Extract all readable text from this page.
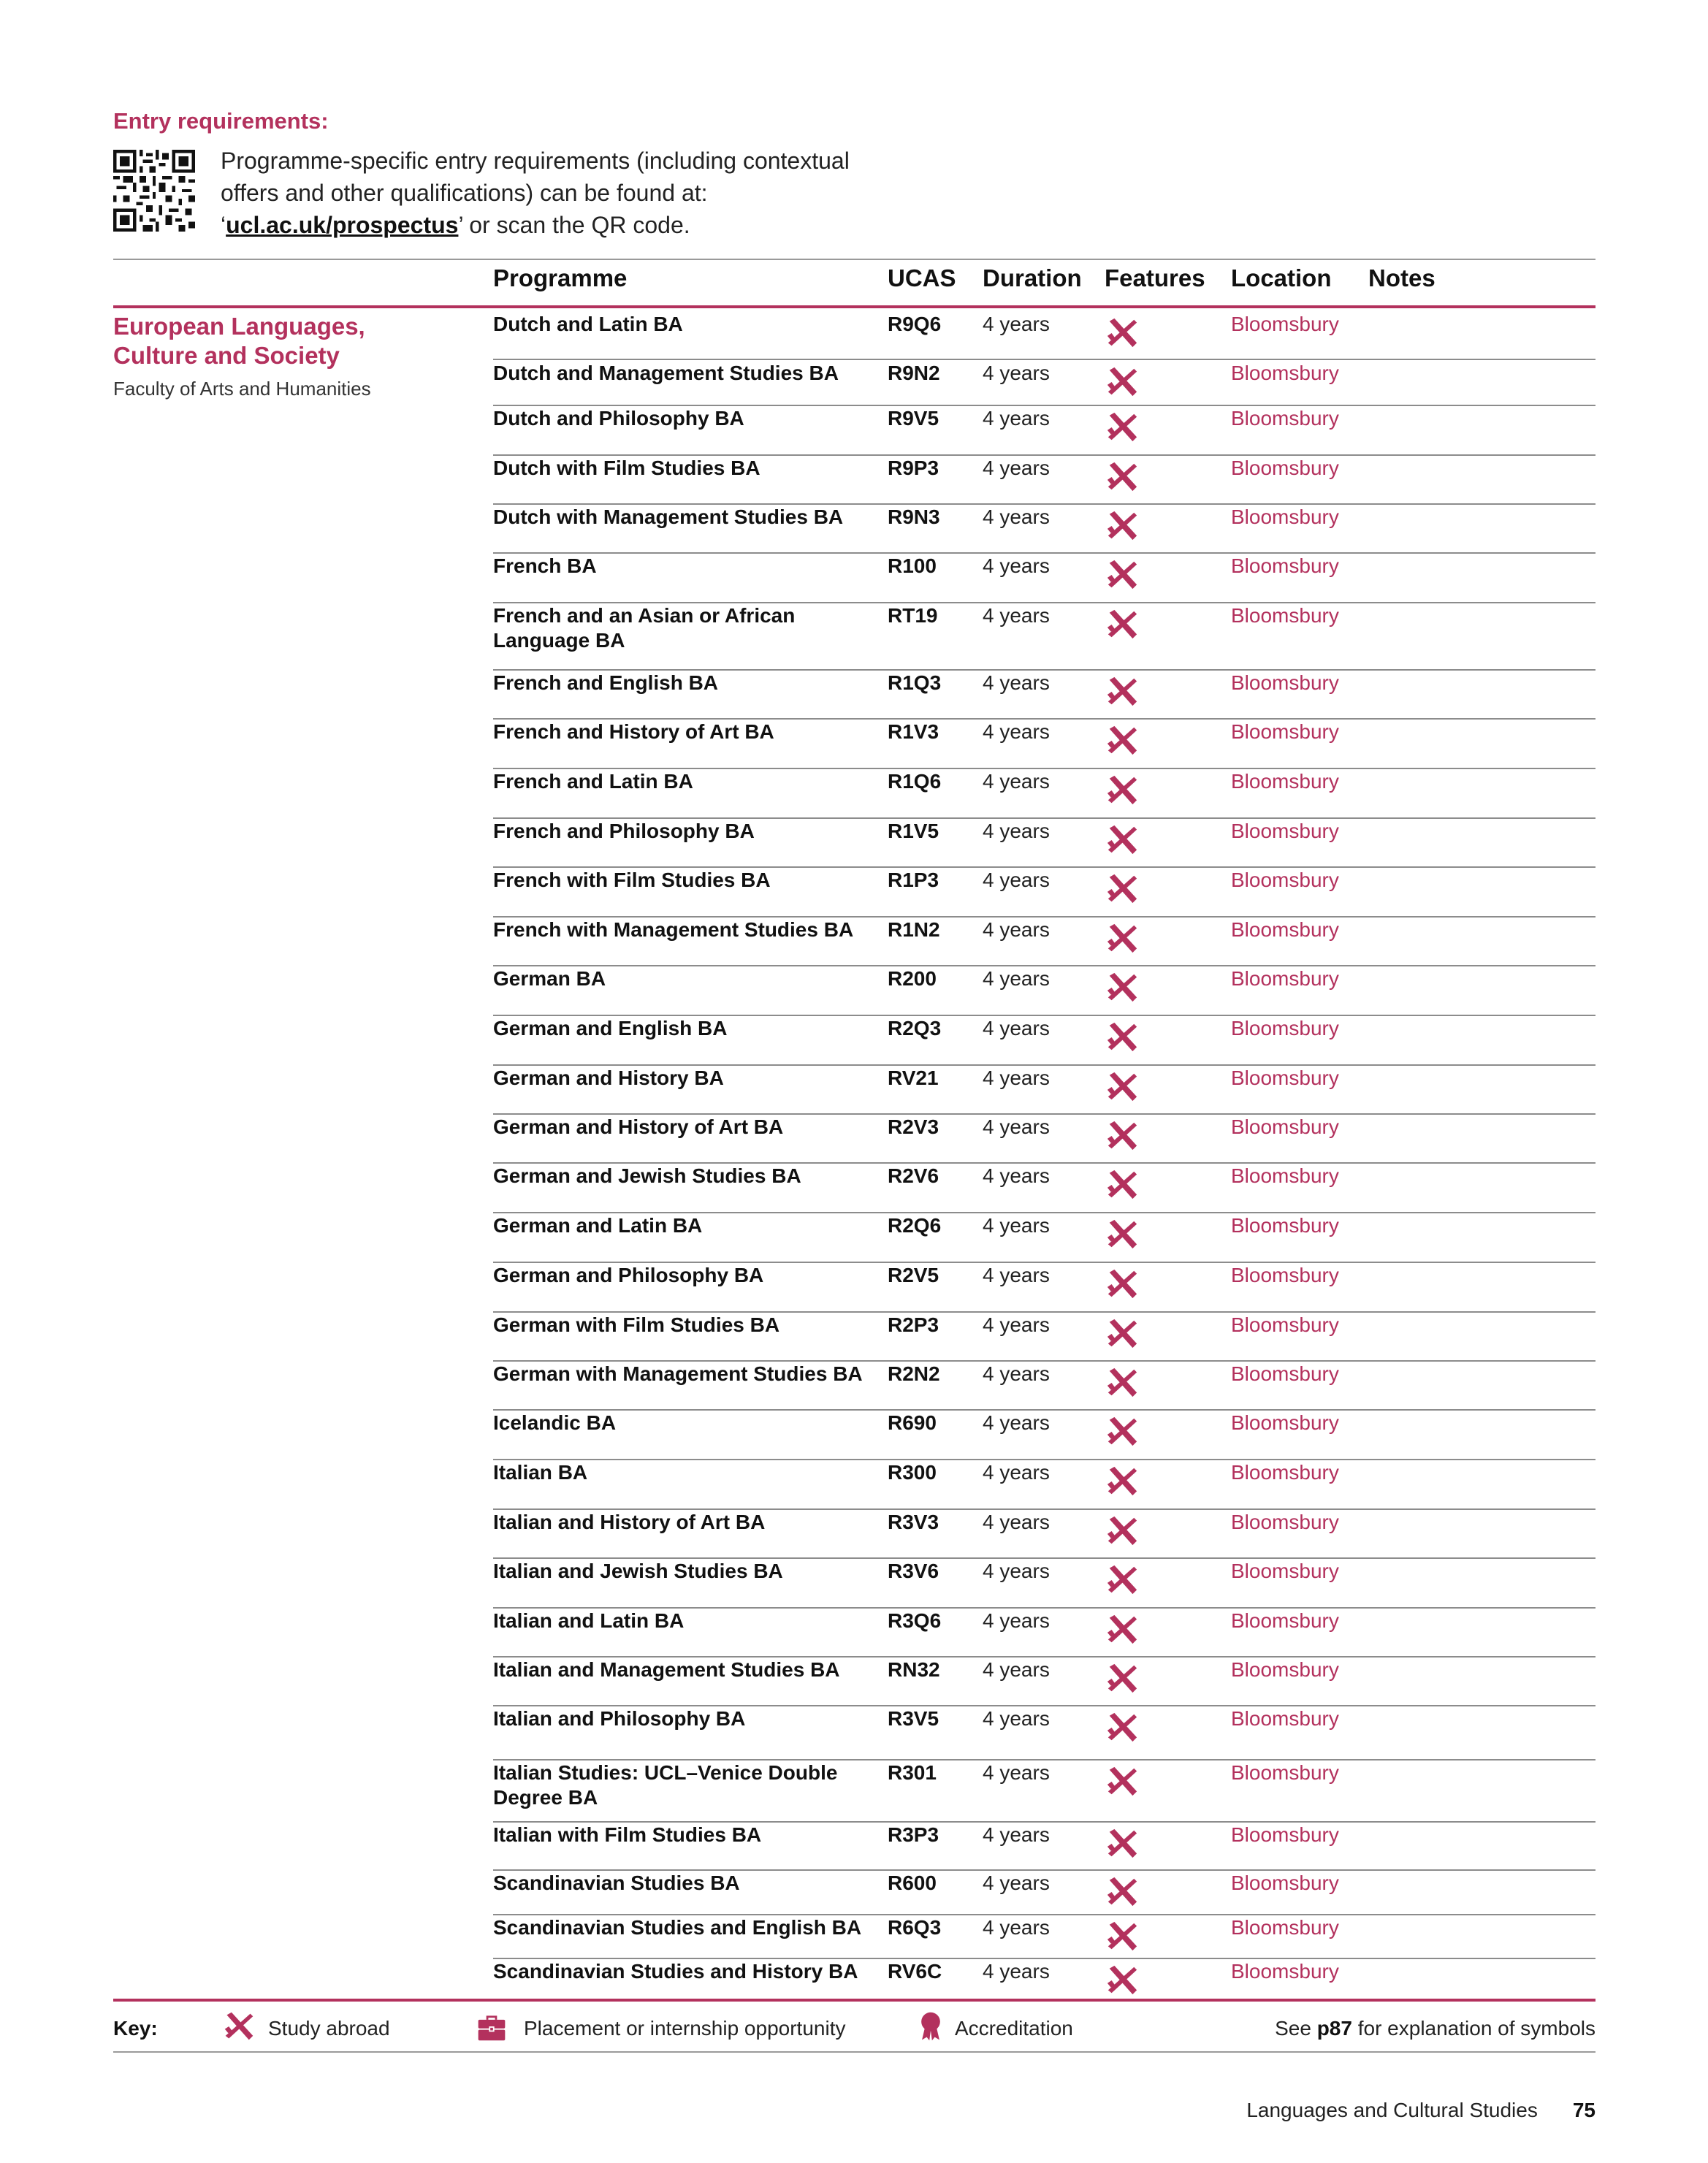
Entry requirements:
Programme-specific entry requirements (including contextual offers and other qualifications) can be found at: ‘ucl.ac.uk/prospectus’ or scan the QR code.
Programme	UCAS Duration Features Location Notes
European Languages, Culture and Society
Faculty of Arts and Humanities
Dutch and Latin BA	R9Q6 4 years	Bloomsbury
Dutch and Management Studies BA	R9N2 4 years	Bloomsbury
Dutch and Philosophy BA	R9V5 4 years	Bloomsbury
Dutch with Film Studies BA	R9P3 4 years	Bloomsbury
Dutch with Management Studies BA	R9N3 4 years	Bloomsbury
French BA	R100 4 years	Bloomsbury
French and an Asian or African Language BA
RT19 4 years	Bloomsbury
French and English BA	R1Q3 4 years	Bloomsbury
French and History of Art BA	R1V3 4 years	Bloomsbury
French and Latin BA	R1Q6 4 years	Bloomsbury
French and Philosophy BA	R1V5 4 years	Bloomsbury
French with Film Studies BA	R1P3 4 years	Bloomsbury
French with Management Studies BA	R1N2 4 years	Bloomsbury
German BA	R200 4 years	Bloomsbury
German and English BA	R2Q3 4 years	Bloomsbury
German and History BA	RV21 4 years	Bloomsbury
German and History of Art BA	R2V3 4 years	Bloomsbury
German and Jewish Studies BA	R2V6 4 years	Bloomsbury
German and Latin BA	R2Q6 4 years	Bloomsbury
German and Philosophy BA	R2V5 4 years	Bloomsbury
German with Film Studies BA	R2P3 4 years	Bloomsbury
German with Management Studies BA	R2N2 4 years	Bloomsbury
Icelandic BA	R690 4 years	Bloomsbury
Italian BA	R300 4 years	Bloomsbury
Italian and History of Art BA	R3V3 4 years	Bloomsbury
Italian and Jewish Studies BA	R3V6 4 years	Bloomsbury
Italian and Latin BA	R3Q6 4 years	Bloomsbury
Italian and Management Studies BA	RN32 4 years	Bloomsbury
Italian and Philosophy BA	R3V5 4 years	Bloomsbury
Italian Studies: UCL–Venice Double Degree BA
R301 4 years	Bloomsbury
Italian with Film Studies BA	R3P3 4 years	Bloomsbury
Scandinavian Studies BA	R600 4 years	Bloomsbury
Scandinavian Studies and English BA	R6Q3 4 years	Bloomsbury
Scandinavian Studies and History BA	RV6C 4 years	Bloomsbury
Key:	Study abroad	Placement or internship opportunity	Accreditation	See p87 for explanation of symbols
Languages and Cultural Studies 75
